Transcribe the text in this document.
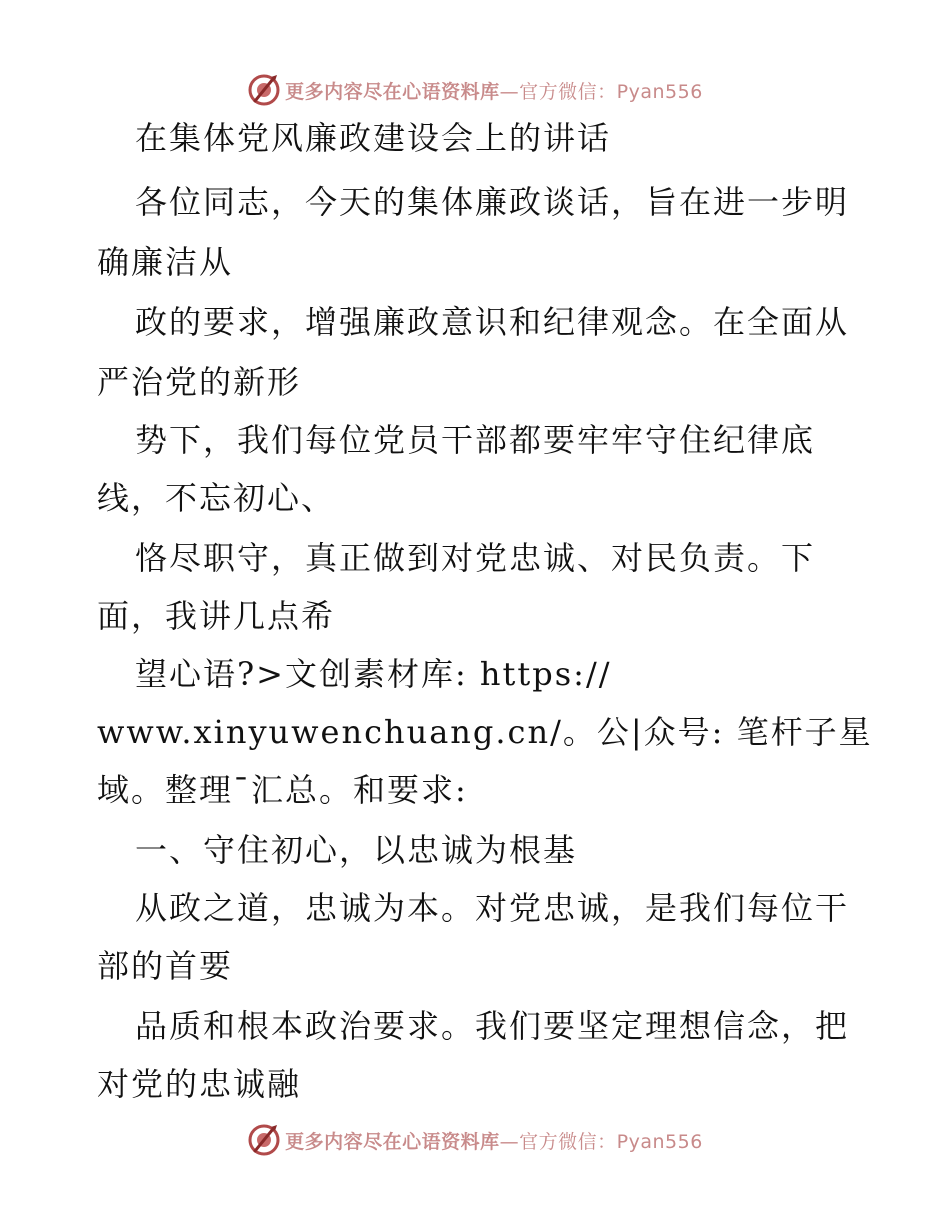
更多内容尽在心语资料库—官方微信：Pyan556
在集体党风廉政建设会上的讲话
各位同志，今天的集体廉政谈话，旨在进一步明
确廉洁从
政的要求，增强廉政意识和纪律观念。在全面从
严治党的新形
势下，我们每位党员干部都要牢牢守住纪律底
线，不忘初心、
恪尽职守，真正做到对党忠诚、对民负责。下
面，我讲几点希
望心语?>文创素材库: https://
www.xinyuwenchuang.cn/。公|众号: 笔杆子星
域。整理¯汇总。和要求:
一、守住初心，以忠诚为根基
从政之道，忠诚为本。对党忠诚，是我们每位干
部的首要
品质和根本政治要求。我们要坚定理想信念，把
对党的忠诚融
更多内容尽在心语资料库—官方微信：Pyan556
